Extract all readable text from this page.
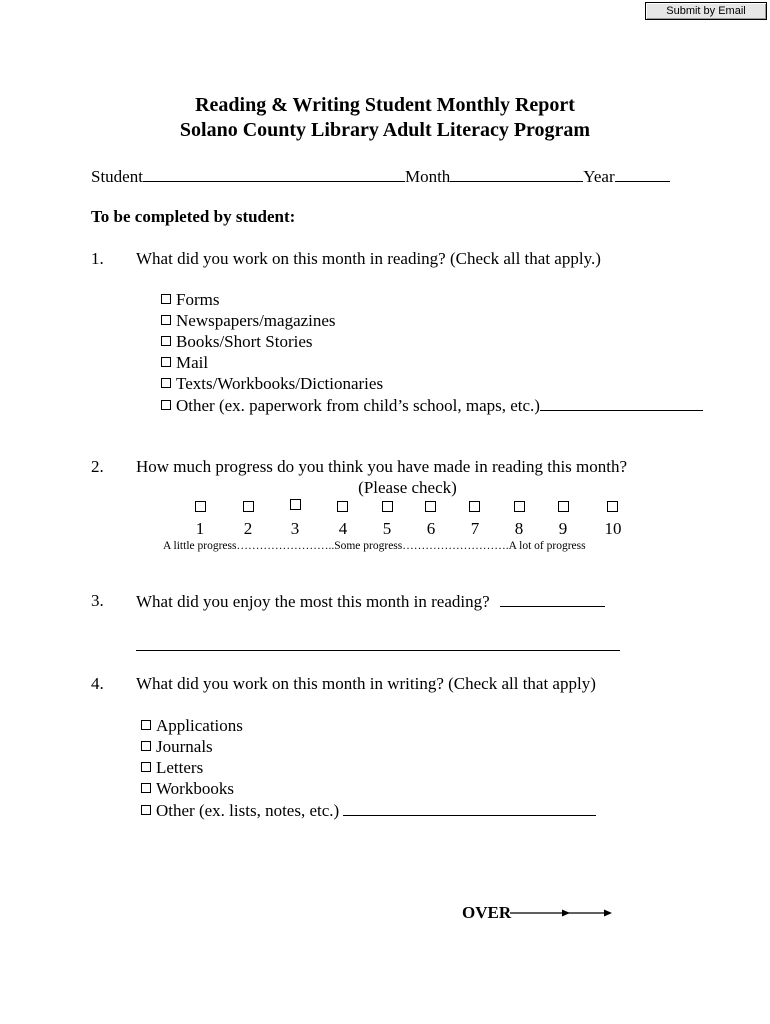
Submit by Email
Reading & Writing Student Monthly Report
Solano County Library Adult Literacy Program
Student	Month	Year
To be completed by student:
1. What did you work on this month in reading? (Check all that apply.)
Forms
Newspapers/magazines
Books/Short Stories
Mail
Texts/Workbooks/Dictionaries
Other (ex. paperwork from child’s school, maps, etc.)
2. How much progress do you think you have made in reading this month?
(Please check)
1	2	3	4	5	6	7	8	9	10
A little progress……………………..Some progress……………………….A lot of progress
3. What did you enjoy the most this month in reading?
4. What did you work on this month in writing? (Check all that apply)
Applications
Journals
Letters
Workbooks
Other (ex. lists, notes, etc.)
OVER
